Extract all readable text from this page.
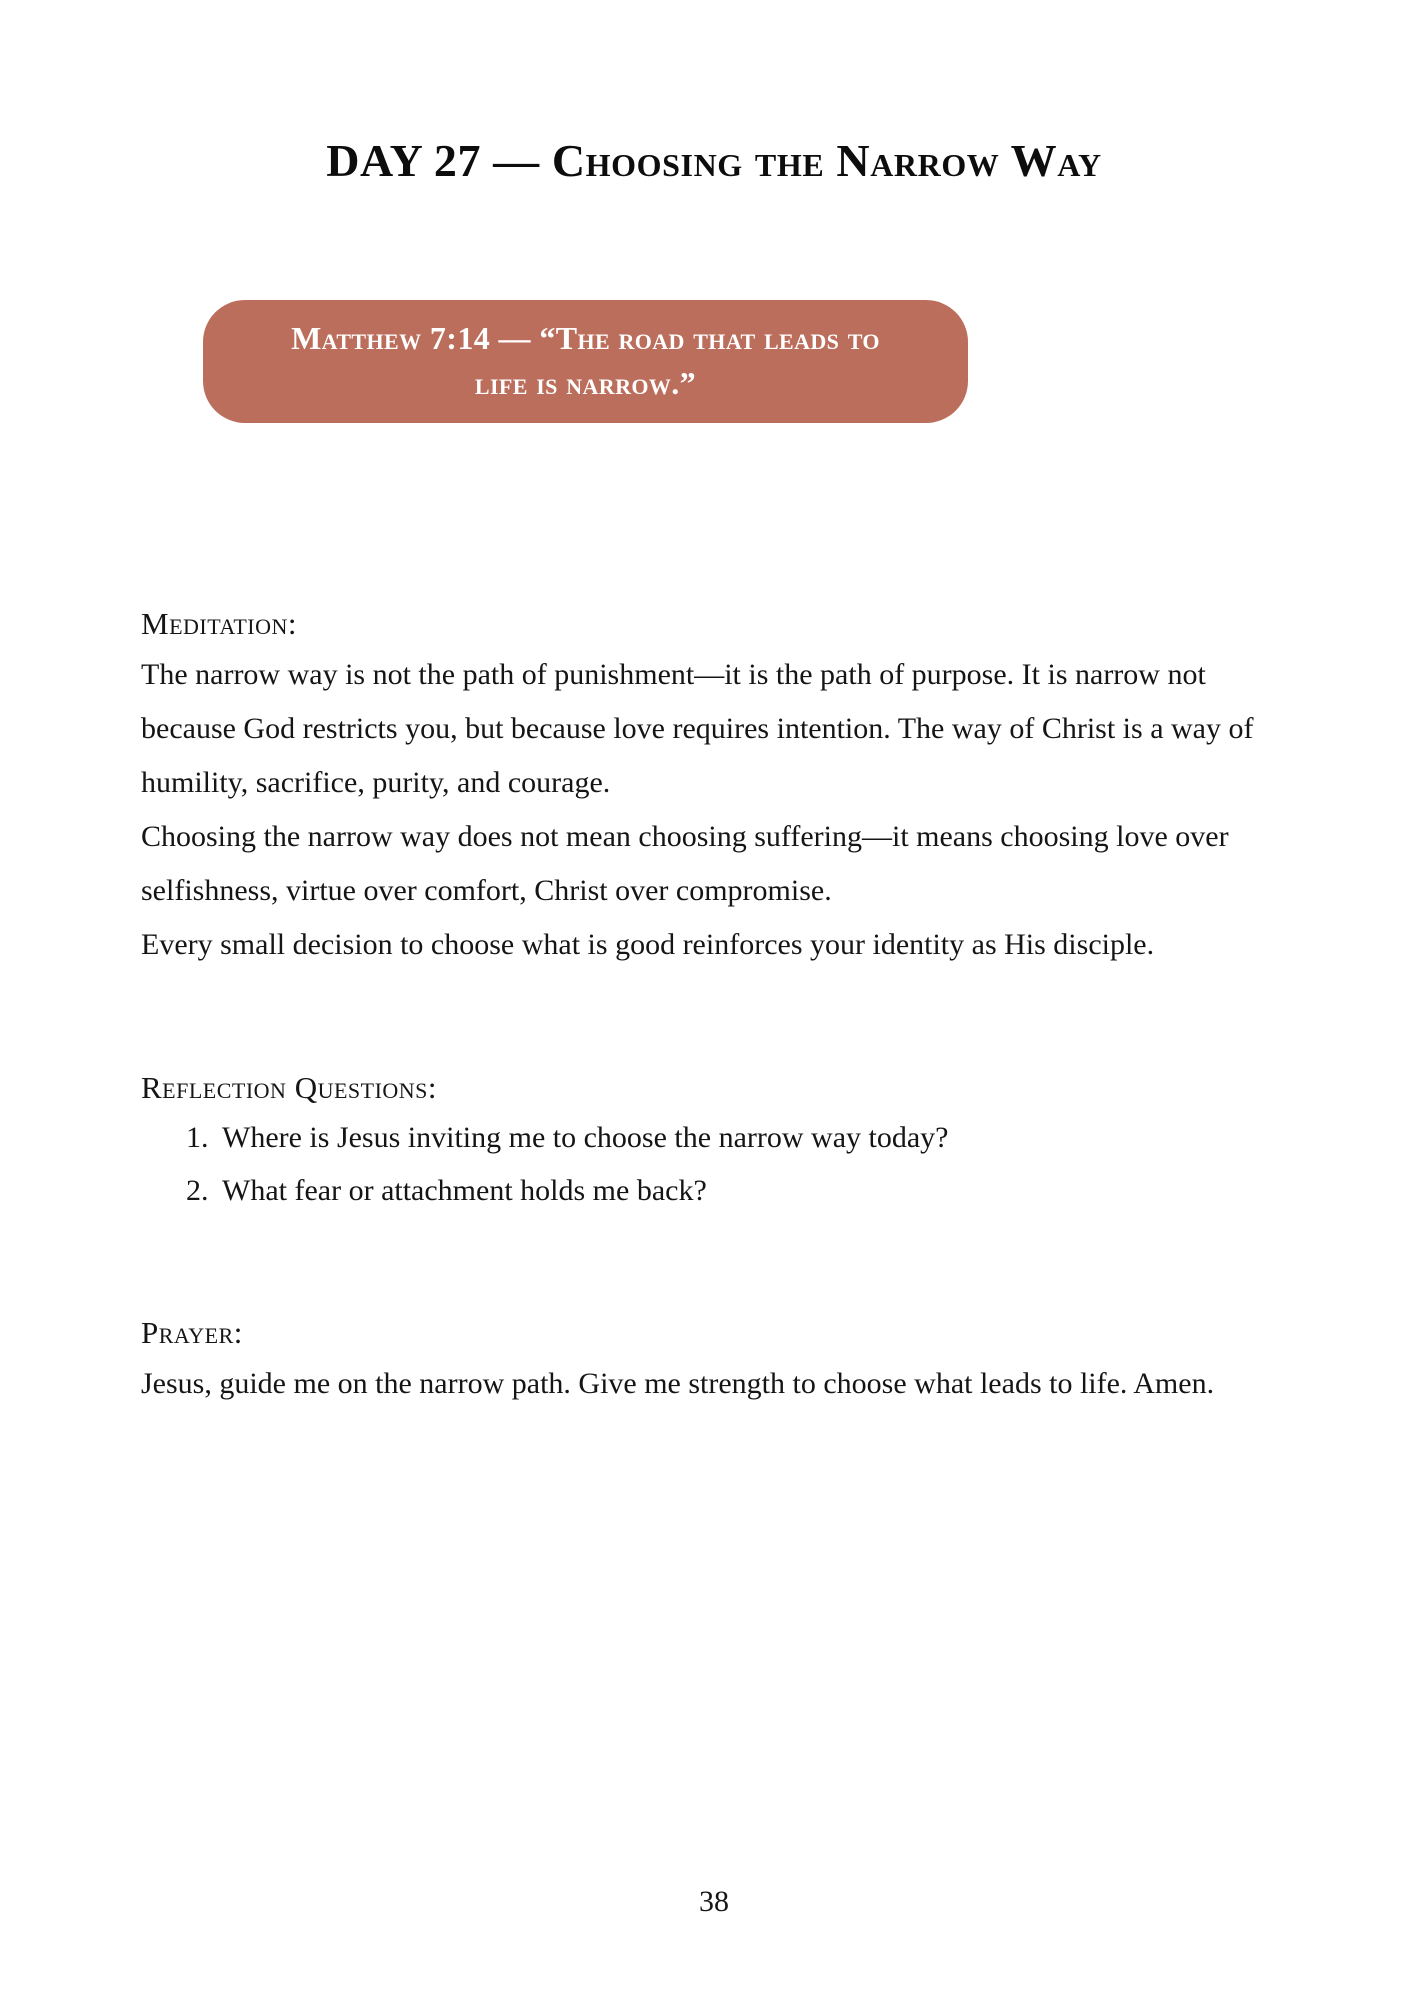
DAY 27 — Choosing the Narrow Way
Matthew 7:14 — “The road that leads to
life is narrow.”
Meditation:

The narrow way is not the path of punishment—it is the path of purpose. It is narrow not because God restricts you, but because love requires intention. The way of Christ is a way of humility, sacrifice, purity, and courage.

Choosing the narrow way does not mean choosing suffering—it means choosing love over selfishness, virtue over comfort, Christ over compromise.

Every small decision to choose what is good reinforces your identity as His disciple.

Reflection Questions:
1. Where is Jesus inviting me to choose the narrow way today?
2. What fear or attachment holds me back?
Prayer:

Jesus, guide me on the narrow path. Give me strength to choose what leads to life. Amen.

38
